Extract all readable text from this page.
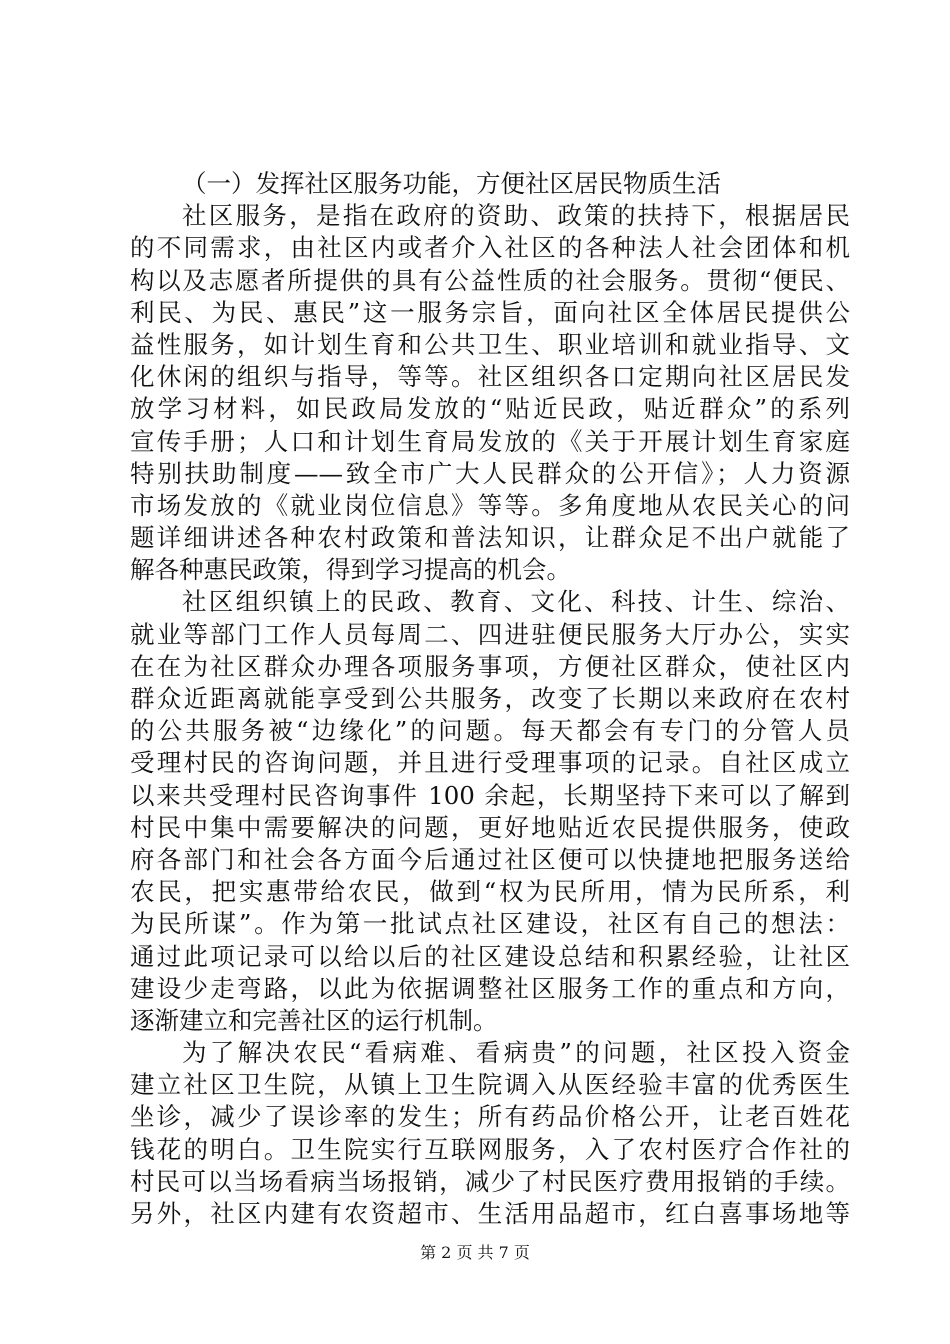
（一）发挥社区服务功能，方便社区居民物质生活
社区服务，是指在政府的资助、政策的扶持下，根据居民
的不同需求，由社区内或者介入社区的各种法人社会团体和机
构以及志愿者所提供的具有公益性质的社会服务。贯彻“便民、
利民、为民、惠民”这一服务宗旨，面向社区全体居民提供公
益性服务，如计划生育和公共卫生、职业培训和就业指导、文
化休闲的组织与指导，等等。社区组织各口定期向社区居民发
放学习材料，如民政局发放的“贴近民政，贴近群众”的系列
宣传手册；人口和计划生育局发放的《关于开展计划生育家庭
特别扶助制度——致全市广大人民群众的公开信》；人力资源
市场发放的《就业岗位信息》等等。多角度地从农民关心的问
题详细讲述各种农村政策和普法知识，让群众足不出户就能了
解各种惠民政策，得到学习提高的机会。
社区组织镇上的民政、教育、文化、科技、计生、综治、
就业等部门工作人员每周二、四进驻便民服务大厅办公，实实
在在为社区群众办理各项服务事项，方便社区群众，使社区内
群众近距离就能享受到公共服务，改变了长期以来政府在农村
的公共服务被“边缘化”的问题。每天都会有专门的分管人员
受理村民的咨询问题，并且进行受理事项的记录。自社区成立
以来共受理村民咨询事件 100 余起，长期坚持下来可以了解到
村民中集中需要解决的问题，更好地贴近农民提供服务，使政
府各部门和社会各方面今后通过社区便可以快捷地把服务送给
农民，把实惠带给农民，做到“权为民所用，情为民所系，利
为民所谋”。作为第一批试点社区建设，社区有自己的想法：
通过此项记录可以给以后的社区建设总结和积累经验，让社区
建设少走弯路，以此为依据调整社区服务工作的重点和方向，
逐渐建立和完善社区的运行机制。
为了解决农民“看病难、看病贵”的问题，社区投入资金
建立社区卫生院，从镇上卫生院调入从医经验丰富的优秀医生
坐诊，减少了误诊率的发生；所有药品价格公开，让老百姓花
钱花的明白。卫生院实行互联网服务，入了农村医疗合作社的
村民可以当场看病当场报销，减少了村民医疗费用报销的手续。
另外，社区内建有农资超市、生活用品超市，红白喜事场地等
第 2 页 共 7 页
